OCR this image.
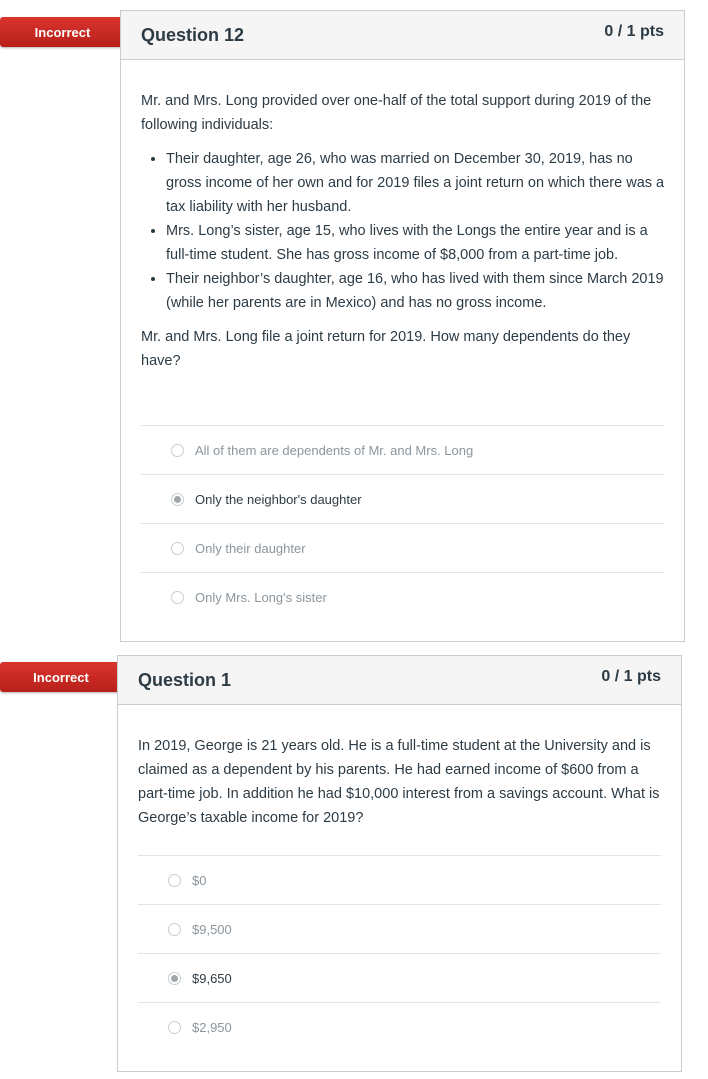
Incorrect	Question 12	0 / 1 pts

Mr. and Mrs. Long provided over one-half of the total support during 2019 of the following individuals:

• Their daughter, age 26, who was married on December 30, 2019, has no gross income of her own and for 2019 files a joint return on which there was a tax liability with her husband.
• Mrs. Long’s sister, age 15, who lives with the Longs the entire year and is a full-time student. She has gross income of $8,000 from a part-time job.
• Their neighbor’s daughter, age 16, who has lived with them since March 2019 (while her parents are in Mexico) and has no gross income.

Mr. and Mrs. Long file a joint return for 2019. How many dependents do they have?

All of them are dependents of Mr. and Mrs. Long
Only the neighbor's daughter
Only their daughter
Only Mrs. Long's sister
Incorrect	Question 1	0 / 1 pts

In 2019, George is 21 years old. He is a full-time student at the University and is claimed as a dependent by his parents. He had earned income of $600 from a part-time job. In addition he had $10,000 interest from a savings account. What is George’s taxable income for 2019?

$0
$9,500
$9,650
$2,950
